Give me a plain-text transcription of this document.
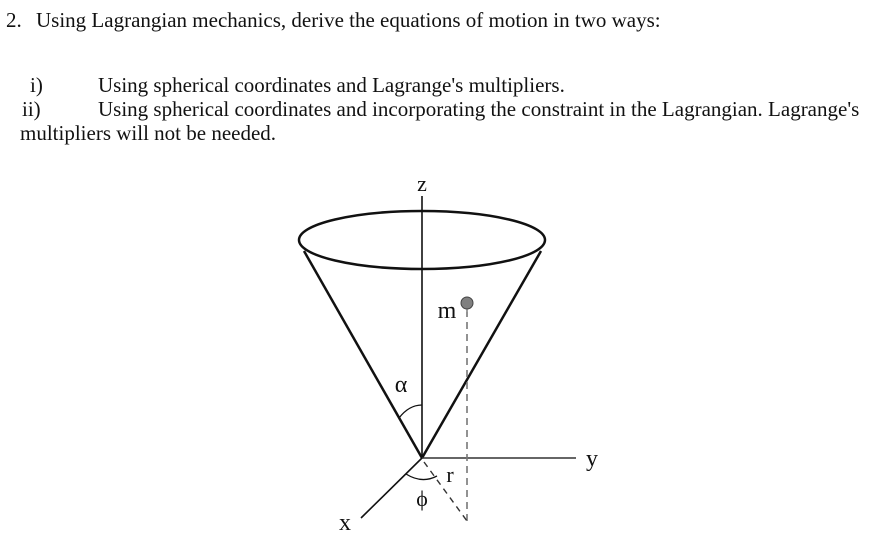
2. Using Lagrangian mechanics, derive the equations of motion in two ways:
i)	Using spherical coordinates and Lagrange's multipliers.
ii)	Using spherical coordinates and incorporating the constraint in the Lagrangian. Lagrange's
multipliers will not be needed.
z
y
x
m
α
ϕ
r
